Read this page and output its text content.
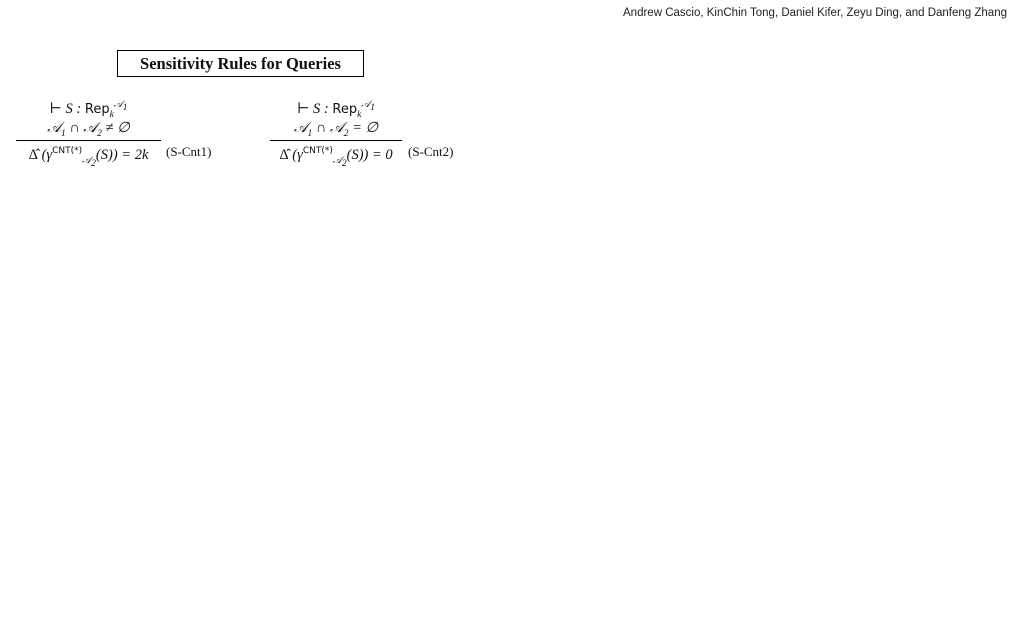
Andrew Cascio, KinChin Tong, Daniel Kifer, Zeyu Ding, and Danfeng Zhang
Sensitivity Rules for Queries
⊢ S : Rep$_k^{𝒜_1}$
𝒜$_1$ ∩ 𝒜$_2$ ≠ ∅
Δ̂ $(\gamma^{CNT(*)}_{𝒜_2}(S)) = 2k$	(S-Cnt1)
⊢ S : Rep$_k^{𝒜_1}$
𝒜$_1$ ∩ 𝒜$_2$ = ∅
Δ̂ $(\gamma^{CNT(*)}_{𝒜_2}(S)) = 0$	(S-Cnt2)
